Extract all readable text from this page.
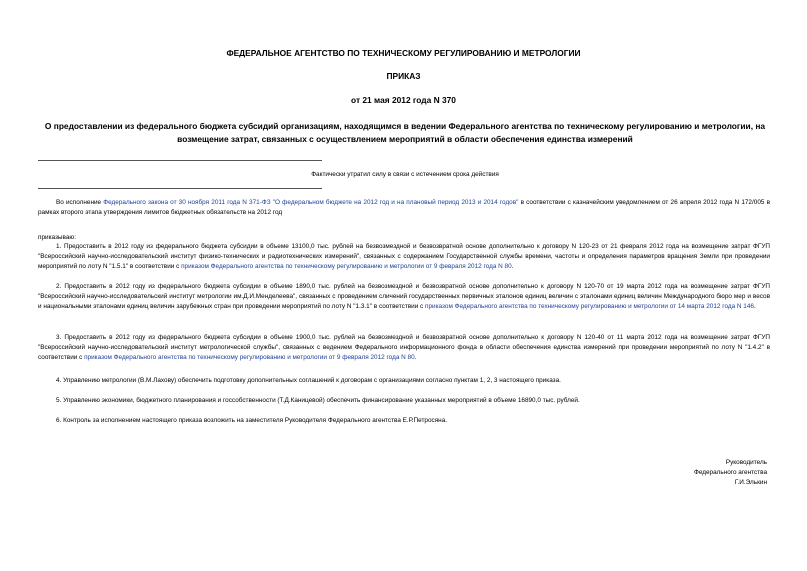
ФЕДЕРАЛЬНОЕ АГЕНТСТВО ПО ТЕХНИЧЕСКОМУ РЕГУЛИРОВАНИЮ И МЕТРОЛОГИИ
ПРИКАЗ
от 21 мая 2012 года N 370
О предоставлении из федерального бюджета субсидий организациям, находящимся в ведении Федерального агентства по техническому регулированию и метрологии, на возмещение затрат, связанных с осуществлением мероприятий в области обеспечения единства измерений
Фактически утратил силу в связи с истечением срока действия
Во исполнение Федерального закона от 30 ноября 2011 года N 371-ФЗ "О федеральном бюджете на 2012 год и на плановый период 2013 и 2014 годов" в соответствии с казначейским уведомлением от 26 апреля 2012 года N 172/005 в рамках второго этапа утверждения лимитов бюджетных обязательств на 2012 год
приказываю:
1. Предоставить в 2012 году из федерального бюджета субсидии в объеме 13100,0 тыс. рублей на безвозмездной и безвозвратной основе дополнительно к договору N 120-23 от 21 февраля 2012 года на возмещение затрат ФГУП "Всероссийский научно-исследовательский институт физико-технических и радиотехнических измерений", связанных с содержанием Государственной службы времени, частоты и определения параметров вращения Земли при проведении мероприятий по лоту N "1.5.1" в соответствии с приказом Федерального агентства по техническому регулированию и метрологии от 9 февраля 2012 года N 80.
2. Предоставить в 2012 году из федерального бюджета субсидии в объеме 1890,0 тыс. рублей на безвозмездной и безвозвратной основе дополнительно к договору N 120-70 от 19 марта 2012 года на возмещение затрат ФГУП "Всероссийский научно-исследовательский институт метрологии им.Д.И.Менделеева", связанных с проведением сличений государственных первичных эталонов единиц величин с эталонами единиц величин Международного бюро мер и весов и национальными эталонами единиц величин зарубежных стран при проведении мероприятий по лоту N "1.3.1" в соответствии с приказом Федерального агентства по техническому регулированию и метрологии от 14 марта 2012 года N 146.
3. Предоставить в 2012 году из федерального бюджета субсидии в объеме 1900,0 тыс. рублей на безвозмездной и безвозвратной основе дополнительно к договору N 120-40 от 11 марта 2012 года на возмещение затрат ФГУП "Всероссийский научно-исследовательский институт метрологической службы", связанных с ведением Федерального информационного фонда в области обеспечения единства измерений при проведении мероприятий по лоту N "1.4.2" в соответствии с приказом Федерального агентства по техническому регулированию и метрологии от 9 февраля 2012 года N 80.
4. Управлению метрологии (В.М.Лахову) обеспечить подготовку дополнительных соглашений к договорам с организациями согласно пунктам 1, 2, 3 настоящего приказа.
5. Управлению экономики, бюджетного планирования и госсобственности (Т.Д.Каницевой) обеспечить финансирование указанных мероприятий в объеме 16890,0 тыс. рублей.
6. Контроль за исполнением настоящего приказа возложить на заместителя Руководителя Федерального агентства Е.Р.Петросяна.
Руководитель
Федерального агентства
Г.И.Элькин
